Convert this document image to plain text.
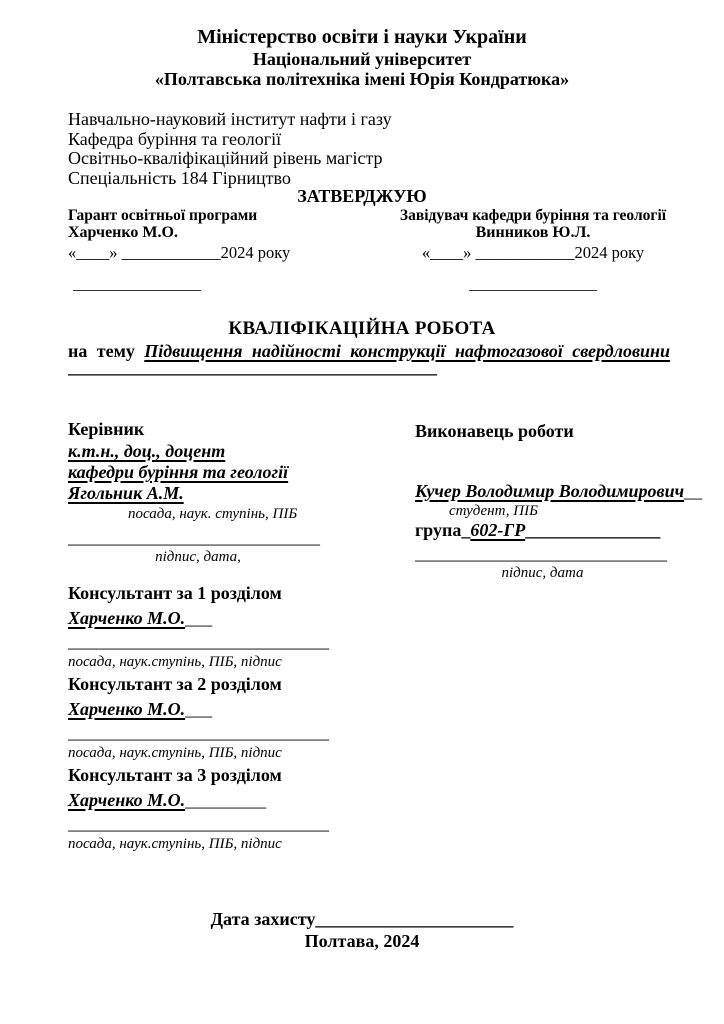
Міністерство освіти і науки України
Національний університет
«Полтавська політехніка імені Юрія Кондратюка»
Навчально-науковий інститут нафти і газу
Кафедра буріння та геології
Освітньо-кваліфікаційний рівень магістр
Спеціальність 184 Гірництво
ЗАТВЕРДЖУЮ
Гарант освітньої програми
Харченко М.О.
«____» ____________2024 року
________________
Завідувач кафедри буріння та геології
Винников Ю.Л.
«____» ____________2024 року
________________
КВАЛІФІКАЦІЙНА РОБОТА
на тему Підвищення надійності конструкції нафтогазової свердловини
_________________________________________
Керівник
к.т.н., доц., доцент
кафедри буріння та геології
Ягольник А.М.
посада, наук. ступінь, ПІБ
____________________________
підпис, дата,
Консультант за 1 розділом
Харченко М.О.___
_____________________________
посада, наук.ступінь, ПІБ, підпис
Консультант за 2 розділом
Харченко М.О.___
_____________________________
посада, наук.ступінь, ПІБ, підпис
Консультант за 3 розділом
Харченко М.О._________
_____________________________
посада, наук.ступінь, ПІБ, підпис
Виконавець роботи
Кучер Володимир Володимирович__
студент, ПІБ
група_602-ГР_______________
____________________________
підпис, дата
Дата захисту______________________
Полтава, 2024
